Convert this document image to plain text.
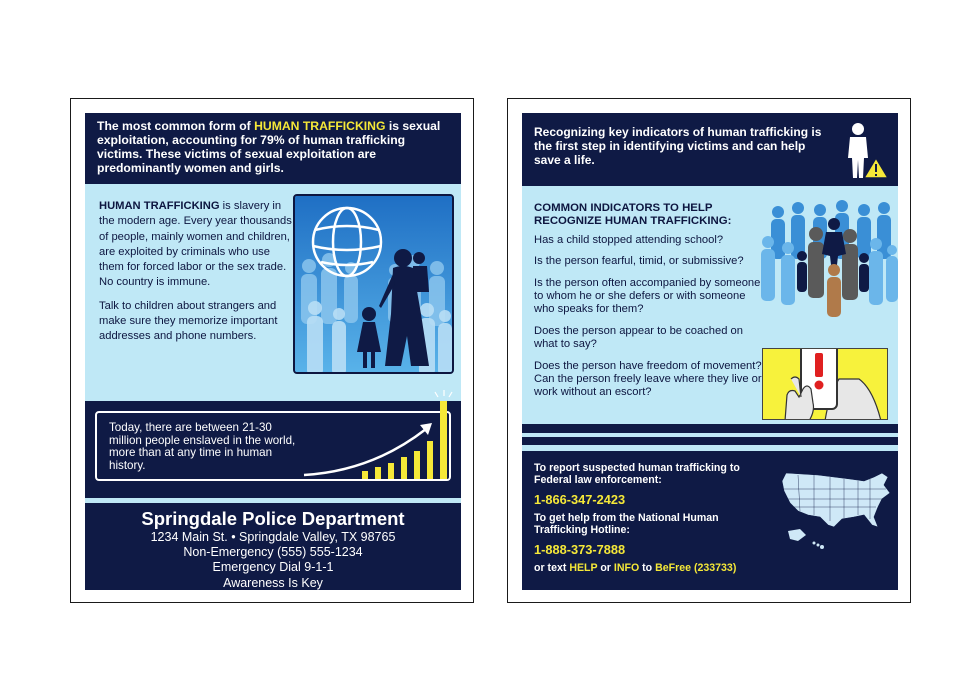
The most common form of HUMAN TRAFFICKING is sexual exploitation, accounting for 79% of human trafficking victims. These victims of sexual exploitation are predominantly women and girls.

HUMAN TRAFFICKING is slavery in the modern age. Every year thousands of people, mainly women and children, are exploited by criminals who use them for forced labor or the sex trade. No country is immune.

Talk to children about strangers and make sure they memorize important addresses and phone numbers.

Today, there are between 21-30 million people enslaved in the world, more than at any time in human history.
Springdale Police Department
1234 Main St. • Springdale Valley, TX 98765
Non-Emergency (555) 555-1234
Emergency Dial 9-1-1
Awareness Is Key
Recognizing key indicators of human trafficking is the first step in identifying victims and can help save a life.
COMMON INDICATORS TO HELP RECOGNIZE HUMAN TRAFFICKING:
Has a child stopped attending school?
Is the person fearful, timid, or submissive?
Is the person often accompanied by someone to whom he or she defers or with someone who speaks for them?
Does the person appear to be coached on what to say?
Does the person have freedom of movement? Can the person freely leave where they live or work without an escort?
To report suspected human trafficking to Federal law enforcement:
1-866-347-2423
To get help from the National Human Trafficking Hotline:
1-888-373-7888
or text HELP or INFO to BeFree (233733)
